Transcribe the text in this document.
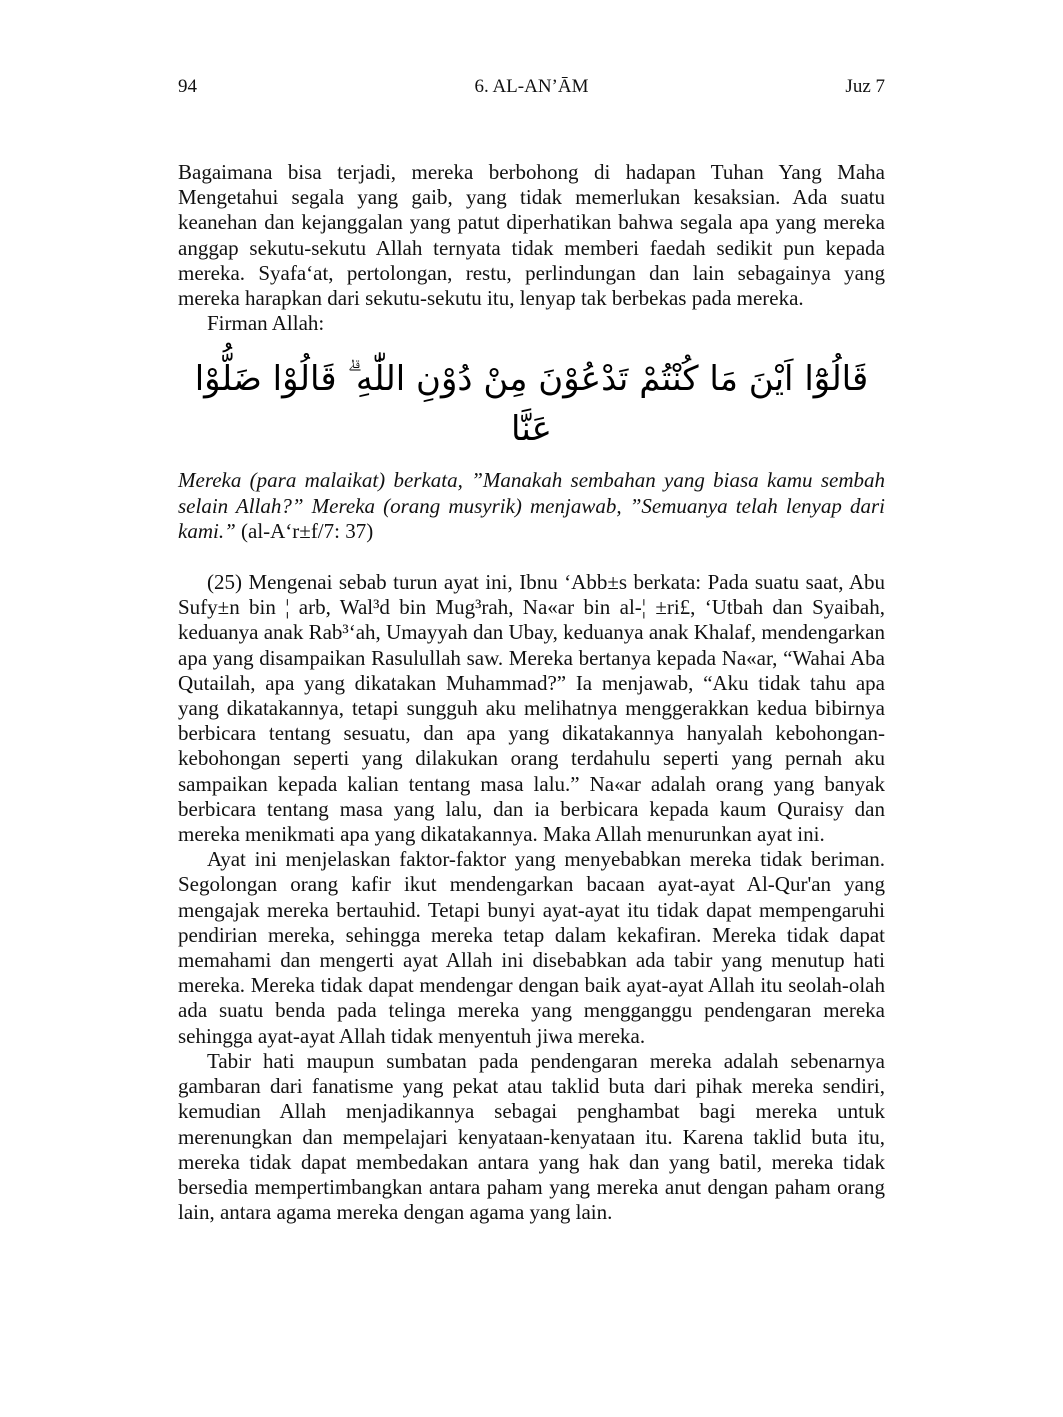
94	6. AL-AN’ĀM	Juz 7

Bagaimana bisa terjadi, mereka berbohong di hadapan Tuhan Yang Maha Mengetahui segala yang gaib, yang tidak memerlukan kesaksian. Ada suatu keanehan dan kejanggalan yang patut diperhatikan bahwa segala apa yang mereka anggap sekutu-sekutu Allah ternyata tidak memberi faedah sedikit pun kepada mereka. Syafa‘at, pertolongan, restu, perlindungan dan lain sebagainya yang mereka harapkan dari sekutu-sekutu itu, lenyap tak berbekas pada mereka.

Firman Allah:

قَالُوْٓا اَيْنَ مَا كُنْتُمْ تَدْعُوْنَ مِنْ دُوْنِ اللّٰهِ ۗ قَالُوْا ضَلُّوْا عَنَّا

Mereka (para malaikat) berkata, ”Manakah sembahan yang biasa kamu sembah selain Allah?” Mereka (orang musyrik) menjawab, ”Semuanya telah lenyap dari kami.” (al-A‘r±f/7: 37)

(25) Mengenai sebab turun ayat ini, Ibnu ‘Abb±s berkata: Pada suatu saat, Abu Sufy±n bin ¦ arb, Wal³d bin Mug³rah, Na«ar bin al-¦ ±ri£, ‘Utbah dan Syaibah, keduanya anak Rab³‘ah, Umayyah dan Ubay, keduanya anak Khalaf, mendengarkan apa yang disampaikan Rasulullah saw. Mereka bertanya kepada Na«ar, “Wahai Aba Qutailah, apa yang dikatakan Muhammad?” Ia menjawab, “Aku tidak tahu apa yang dikatakannya, tetapi sungguh aku melihatnya menggerakkan kedua bibirnya berbicara tentang sesuatu, dan apa yang dikatakannya hanyalah kebohongan-kebohongan seperti yang dilakukan orang terdahulu seperti yang pernah aku sampaikan kepada kalian tentang masa lalu.” Na«ar adalah orang yang banyak berbicara tentang masa yang lalu, dan ia berbicara kepada kaum Quraisy dan mereka menikmati apa yang dikatakannya. Maka Allah menurunkan ayat ini.

Ayat ini menjelaskan faktor-faktor yang menyebabkan mereka tidak beriman. Segolongan orang kafir ikut mendengarkan bacaan ayat-ayat Al-Qur'an yang mengajak mereka bertauhid. Tetapi bunyi ayat-ayat itu tidak dapat mempengaruhi pendirian mereka, sehingga mereka tetap dalam kekafiran. Mereka tidak dapat memahami dan mengerti ayat Allah ini disebabkan ada tabir yang menutup hati mereka. Mereka tidak dapat mendengar dengan baik ayat-ayat Allah itu seolah-olah ada suatu benda pada telinga mereka yang mengganggu pendengaran mereka sehingga ayat-ayat Allah tidak menyentuh jiwa mereka.

Tabir hati maupun sumbatan pada pendengaran mereka adalah sebenarnya gambaran dari fanatisme yang pekat atau taklid buta dari pihak mereka sendiri, kemudian Allah menjadikannya sebagai penghambat bagi mereka untuk merenungkan dan mempelajari kenyataan-kenyataan itu. Karena taklid buta itu, mereka tidak dapat membedakan antara yang hak dan yang batil, mereka tidak bersedia mempertimbangkan antara paham yang mereka anut dengan paham orang lain, antara agama mereka dengan agama yang lain.
